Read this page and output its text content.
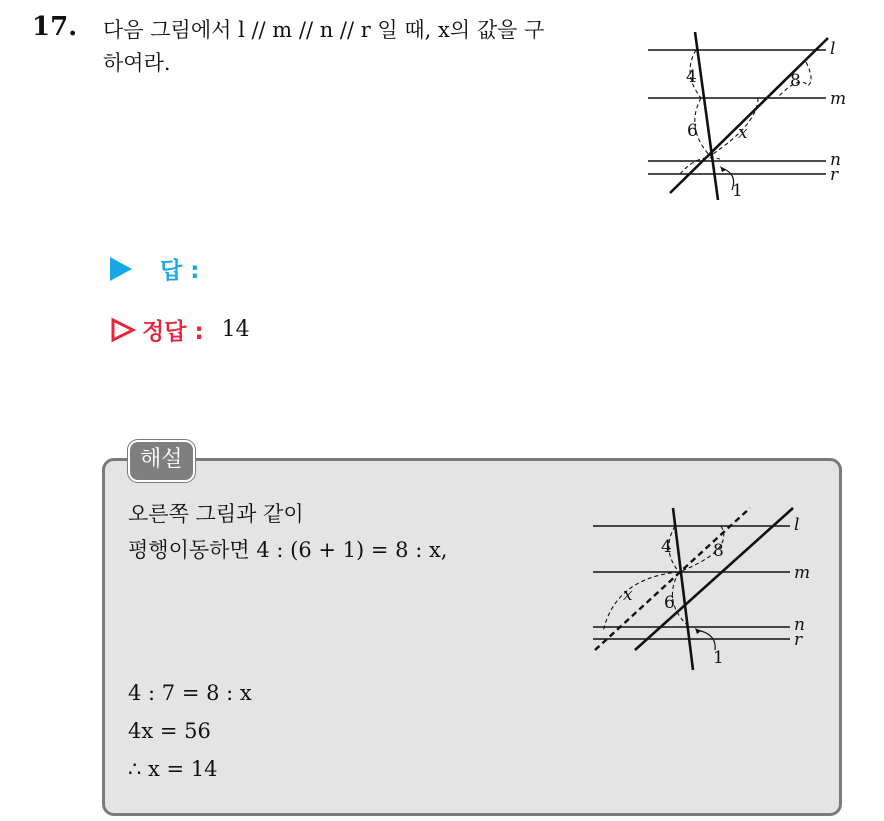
17. 다음 그림에서 l // m // n // r 일 때, x의 값을 구
하여라.
l
m
n
r
4	8
6 x
1
답 :
정답 : 14
해설
오른쪽 그림과 같이
평행이동하면 4 : (6 + 1) = 8 : x,
4 : 7 = 8 : x
4x = 56
∴ x = 14
l
m
n
r
4 8
x 6
1
